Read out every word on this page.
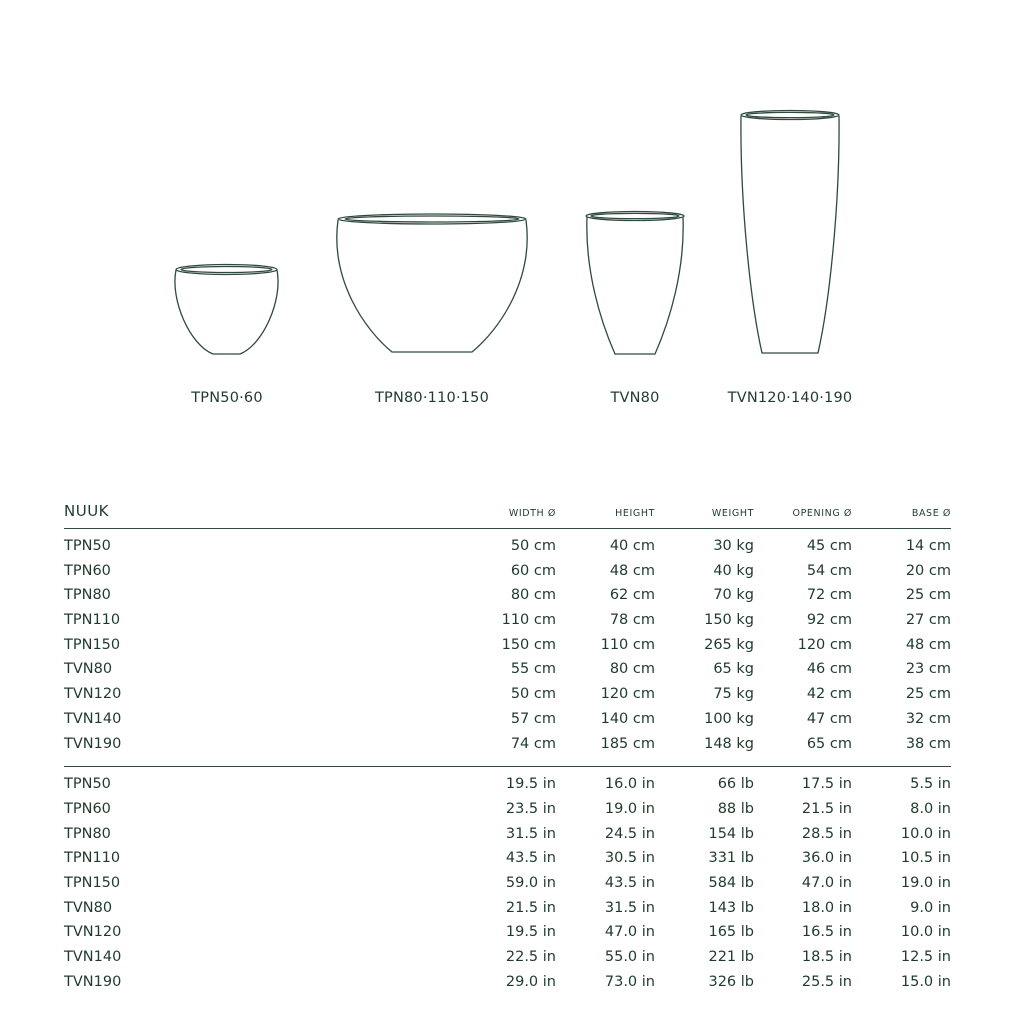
TPN50·60	TPN80·110·150	TVN80	TVN120·140·190
NUUK	WIDTH Ø	HEIGHT	WEIGHT	OPENING Ø	BASE Ø
TPN50	50 cm	40 cm	30 kg	45 cm	14 cm
TPN60	60 cm	48 cm	40 kg	54 cm	20 cm
TPN80	80 cm	62 cm	70 kg	72 cm	25 cm
TPN110	110 cm	78 cm	150 kg	92 cm	27 cm
TPN150	150 cm	110 cm	265 kg	120 cm	48 cm
TVN80	55 cm	80 cm	65 kg	46 cm	23 cm
TVN120	50 cm	120 cm	75 kg	42 cm	25 cm
TVN140	57 cm	140 cm	100 kg	47 cm	32 cm
TVN190	74 cm	185 cm	148 kg	65 cm	38 cm
TPN50	19.5 in	16.0 in	66 lb	17.5 in	5.5 in
TPN60	23.5 in	19.0 in	88 lb	21.5 in	8.0 in
TPN80	31.5 in	24.5 in	154 lb	28.5 in	10.0 in
TPN110	43.5 in	30.5 in	331 lb	36.0 in	10.5 in
TPN150	59.0 in	43.5 in	584 lb	47.0 in	19.0 in
TVN80	21.5 in	31.5 in	143 lb	18.0 in	9.0 in
TVN120	19.5 in	47.0 in	165 lb	16.5 in	10.0 in
TVN140	22.5 in	55.0 in	221 lb	18.5 in	12.5 in
TVN190	29.0 in	73.0 in	326 lb	25.5 in	15.0 in
